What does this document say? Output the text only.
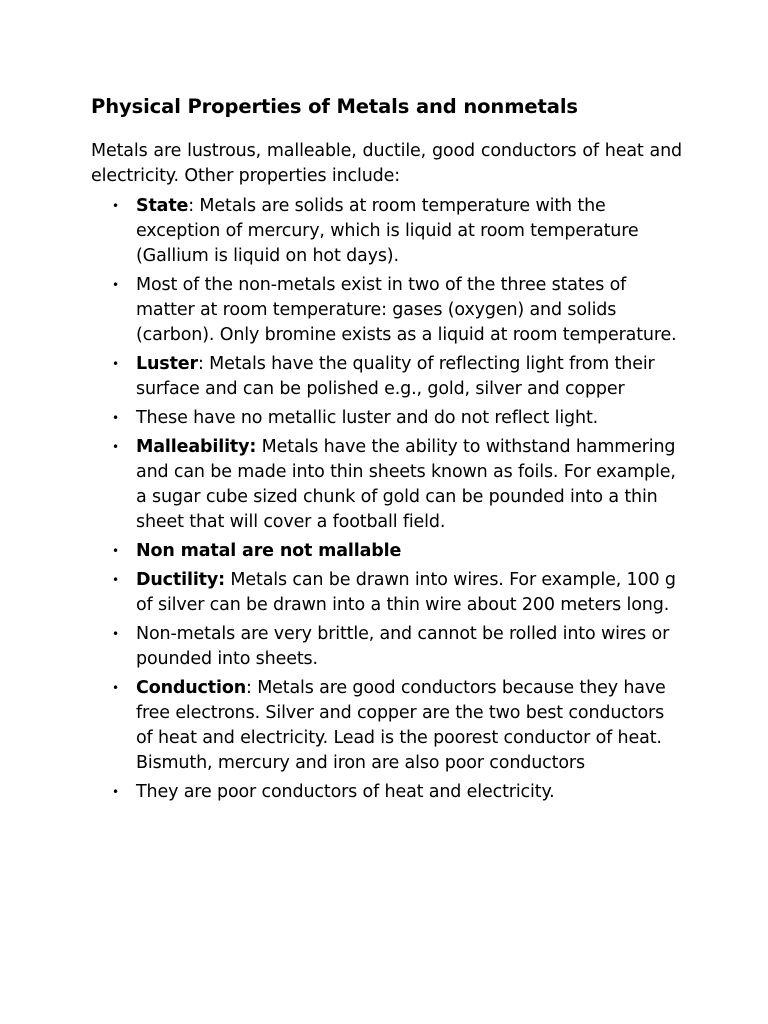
Physical Properties of Metals and nonmetals

Metals are lustrous, malleable, ductile, good conductors of heat and electricity. Other properties include:

• State: Metals are solids at room temperature with the exception of mercury, which is liquid at room temperature (Gallium is liquid on hot days).
• Most of the non-metals exist in two of the three states of matter at room temperature: gases (oxygen) and solids (carbon). Only bromine exists as a liquid at room temperature.
• Luster: Metals have the quality of reflecting light from their surface and can be polished e.g., gold, silver and copper
• These have no metallic luster and do not reflect light.
• Malleability: Metals have the ability to withstand hammering and can be made into thin sheets known as foils. For example, a sugar cube sized chunk of gold can be pounded into a thin sheet that will cover a football field.
• Non matal are not mallable
• Ductility: Metals can be drawn into wires. For example, 100 g of silver can be drawn into a thin wire about 200 meters long.
• Non-metals are very brittle, and cannot be rolled into wires or pounded into sheets.
• Conduction: Metals are good conductors because they have free electrons. Silver and copper are the two best conductors of heat and electricity. Lead is the poorest conductor of heat. Bismuth, mercury and iron are also poor conductors
• They are poor conductors of heat and electricity.
